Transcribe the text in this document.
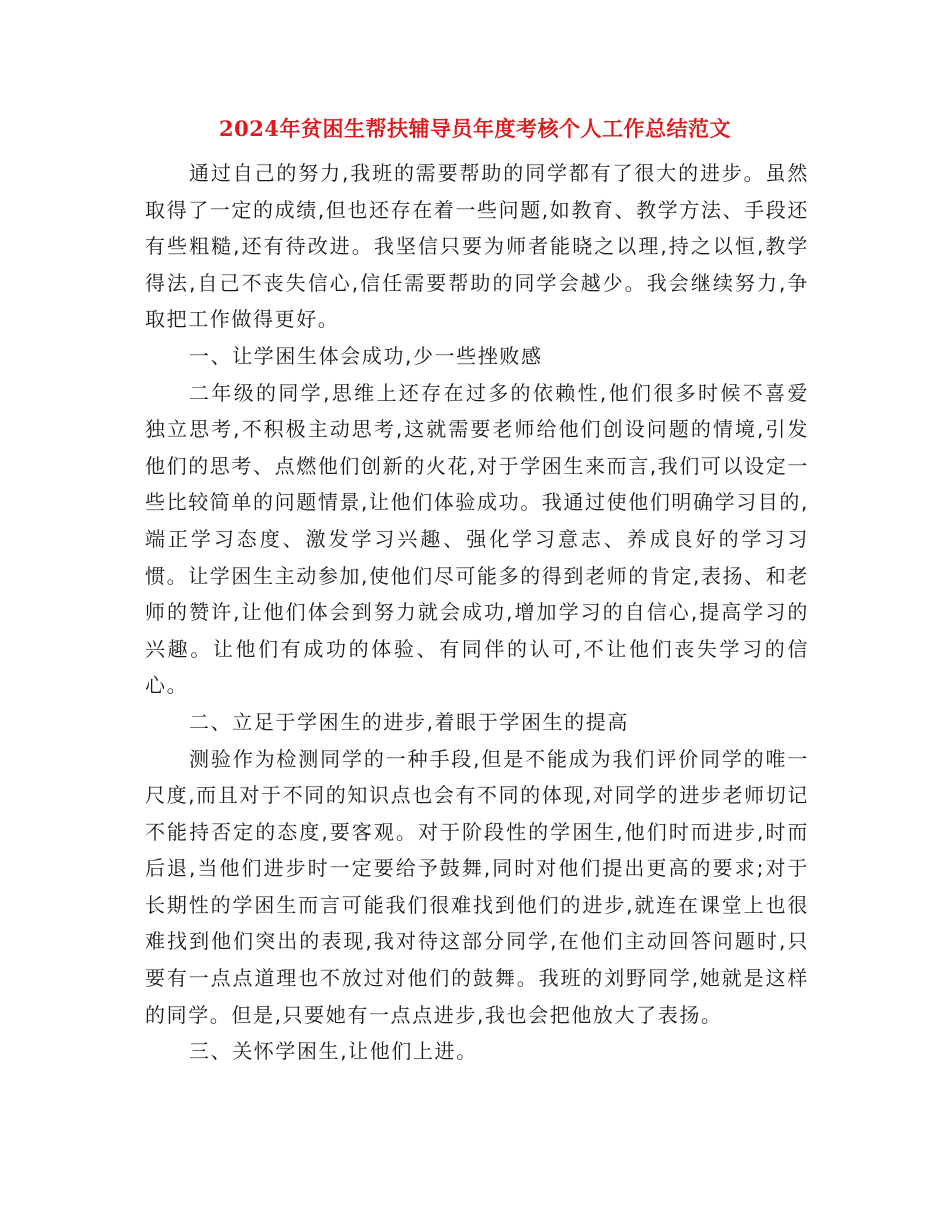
2024年贫困生帮扶辅导员年度考核个人工作总结范文

通过自己的努力,我班的需要帮助的同学都有了很大的进步。虽然取得了一定的成绩,但也还存在着一些问题,如教育、教学方法、手段还有些粗糙,还有待改进。我坚信只要为师者能晓之以理,持之以恒,教学得法,自己不丧失信心,信任需要帮助的同学会越少。我会继续努力,争取把工作做得更好。

一、让学困生体会成功,少一些挫败感

二年级的同学,思维上还存在过多的依赖性,他们很多时候不喜爱独立思考,不积极主动思考,这就需要老师给他们创设问题的情境,引发他们的思考、点燃他们创新的火花,对于学困生来而言,我们可以设定一些比较简单的问题情景,让他们体验成功。我通过使他们明确学习目的,端正学习态度、激发学习兴趣、强化学习意志、养成良好的学习习惯。让学困生主动参加,使他们尽可能多的得到老师的肯定,表扬、和老师的赞许,让他们体会到努力就会成功,增加学习的自信心,提高学习的兴趣。让他们有成功的体验、有同伴的认可,不让他们丧失学习的信心。

二、立足于学困生的进步,着眼于学困生的提高

测验作为检测同学的一种手段,但是不能成为我们评价同学的唯一尺度,而且对于不同的知识点也会有不同的体现,对同学的进步老师切记不能持否定的态度,要客观。对于阶段性的学困生,他们时而进步,时而后退,当他们进步时一定要给予鼓舞,同时对他们提出更高的要求;对于长期性的学困生而言可能我们很难找到他们的进步,就连在课堂上也很难找到他们突出的表现,我对待这部分同学,在他们主动回答问题时,只要有一点点道理也不放过对他们的鼓舞。我班的刘野同学,她就是这样的同学。但是,只要她有一点点进步,我也会把他放大了表扬。

三、关怀学困生,让他们上进。
